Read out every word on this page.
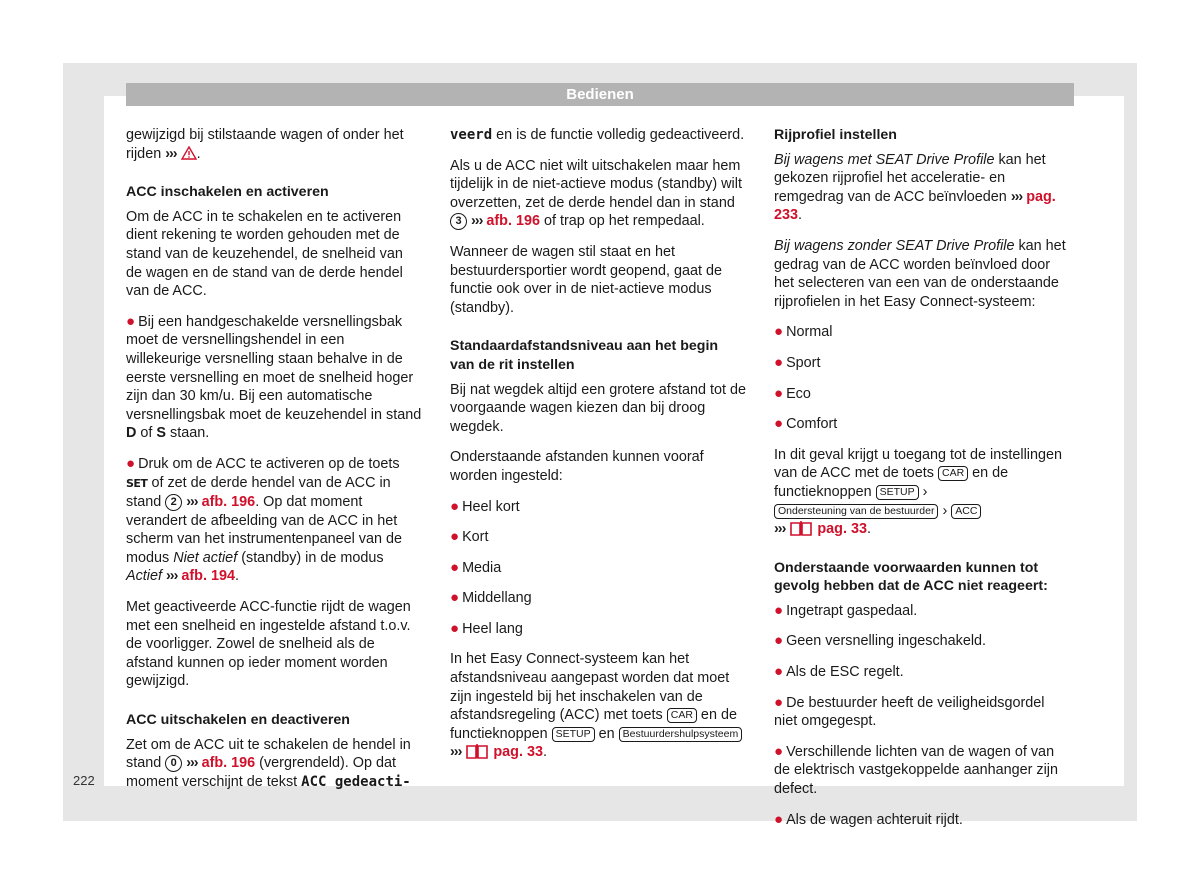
Bedienen

gewijzigd bij stilstaande wagen of onder het rijden ››› .

ACC inschakelen en activeren

Om de ACC in te schakelen en te activeren dient rekening te worden gehouden met de stand van de keuzehendel, de snelheid van de wagen en de stand van de derde hendel van de ACC.

● Bij een handgeschakelde versnellingsbak moet de versnellingshendel in een willekeurige versnelling staan behalve in de eerste versnelling en moet de snelheid hoger zijn dan 30 km/u. Bij een automatische versnellingsbak moet de keuzehendel in stand D of S staan.

● Druk om de ACC te activeren op de toets SET of zet de derde hendel van de ACC in stand 2 ››› afb. 196. Op dat moment verandert de afbeelding van de ACC in het scherm van het instrumentenpaneel van de modus Niet actief (standby) in de modus Actief ››› afb. 194.

Met geactiveerde ACC-functie rijdt de wagen met een snelheid en ingestelde afstand t.o.v. de voorligger. Zowel de snelheid als de afstand kunnen op ieder moment worden gewijzigd.

ACC uitschakelen en deactiveren

Zet om de ACC uit te schakelen de hendel in stand 0 ››› afb. 196 (vergrendeld). Op dat moment verschijnt de tekst ACC gedeacti-

veerd en is de functie volledig gedeactiveerd.

Als u de ACC niet wilt uitschakelen maar hem tijdelijk in de niet-actieve modus (standby) wilt overzetten, zet de derde hendel dan in stand 3 ››› afb. 196 of trap op het rempedaal.

Wanneer de wagen stil staat en het bestuurdersportier wordt geopend, gaat de functie ook over in de niet-actieve modus (standby).

Standaardafstandsniveau aan het begin van de rit instellen

Bij nat wegdek altijd een grotere afstand tot de voorgaande wagen kiezen dan bij droog wegdek.

Onderstaande afstanden kunnen vooraf worden ingesteld:

● Heel kort

● Kort

● Media

● Middellang

● Heel lang

In het Easy Connect-systeem kan het afstandsniveau aangepast worden dat moet zijn ingesteld bij het inschakelen van de afstandsregeling (ACC) met toets CAR en de functieknoppen SETUP en Bestuurdershulpsysteem››› pag. 33.

Rijprofiel instellen

Bij wagens met SEAT Drive Profile kan het gekozen rijprofiel het acceleratie- en remgedrag van de ACC beïnvloeden ››› pag. 233.

Bij wagens zonder SEAT Drive Profile kan het gedrag van de ACC worden beïnvloed door het selecteren van een van de onderstaande rijprofielen in het Easy Connect-systeem:

● Normal

● Sport

● Eco

● Comfort

In dit geval krijgt u toegang tot de instellingen van de ACC met de toets CAR en de functieknoppen SETUP ›
Ondersteuning van de bestuurder › ACC
››› pag. 33.

Onderstaande voorwaarden kunnen tot gevolg hebben dat de ACC niet reageert:

● Ingetrapt gaspedaal.

● Geen versnelling ingeschakeld.

● Als de ESC regelt.

● De bestuurder heeft de veiligheidsgordel niet omgegespt.

● Verschillende lichten van de wagen of van de elektrisch vastgekoppelde aanhanger zijn defect.

● Als de wagen achteruit rijdt.

222
